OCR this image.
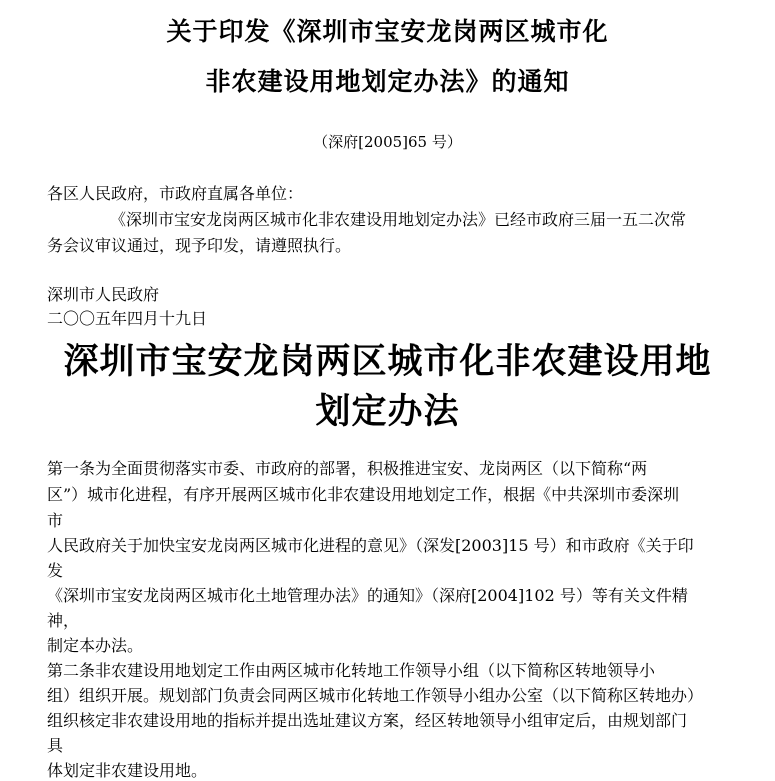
关于印发《深圳市宝安龙岗两区城市化
非农建设用地划定办法》的通知
（深府[2005]65 号）
各区人民政府，市政府直属各单位：
《深圳市宝安龙岗两区城市化非农建设用地划定办法》已经市政府三届一五二次常
务会议审议通过，现予印发，请遵照执行。
深圳市人民政府
二〇〇五年四月十九日
深圳市宝安龙岗两区城市化非农建设用地
划定办法
第一条为全面贯彻落实市委、市政府的部署，积极推进宝安、龙岗两区（以下简称“两
区”）城市化进程，有序开展两区城市化非农建设用地划定工作，根据《中共深圳市委深圳
市
人民政府关于加快宝安龙岗两区城市化进程的意见》（深发[2003]15 号）和市政府《关于印
发
《深圳市宝安龙岗两区城市化土地管理办法》的通知》（深府[2004]102 号）等有关文件精
神，
制定本办法。
第二条非农建设用地划定工作由两区城市化转地工作领导小组（以下简称区转地领导小
组）组织开展。规划部门负责会同两区城市化转地工作领导小组办公室（以下简称区转地办）
组织核定非农建设用地的指标并提出选址建议方案，经区转地领导小组审定后，由规划部门
具
体划定非农建设用地。
